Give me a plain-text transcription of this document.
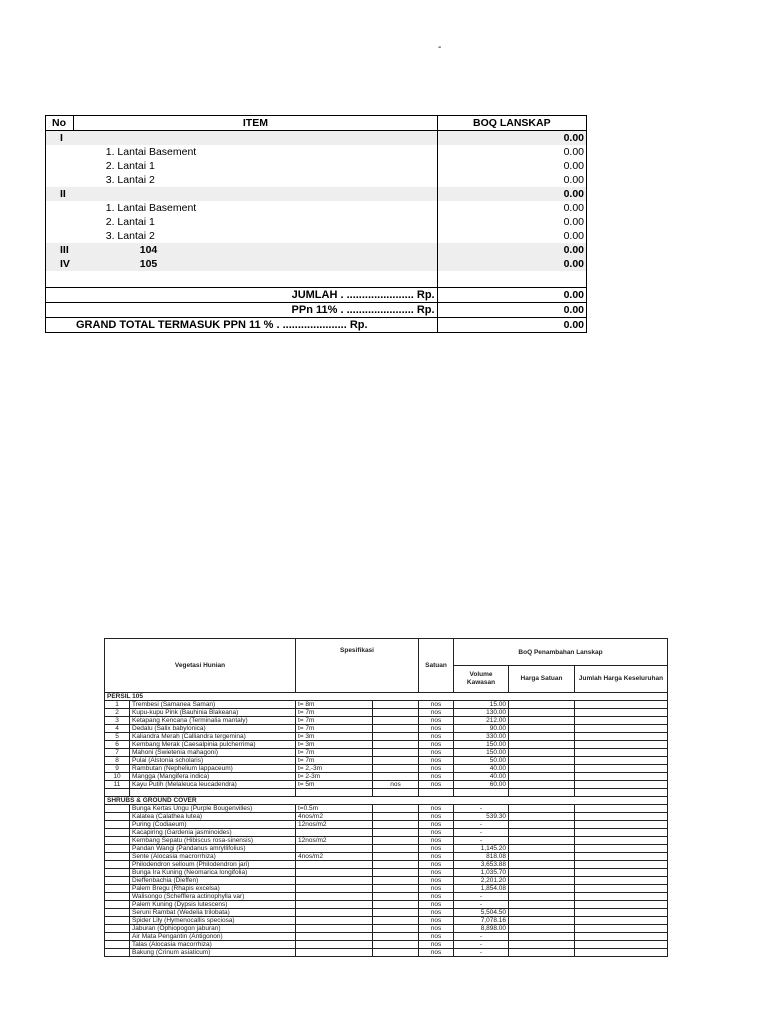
-
No	ITEM	BOQ LANSKAP
I		0.00
	1. Lantai Basement	0.00
	2. Lantai 1	0.00
	3. Lantai 2	0.00
II		0.00
	1. Lantai Basement	0.00
	2. Lantai 1	0.00
	3. Lantai 2	0.00
III	104	0.00
IV	105	0.00

JUMLAH . ...................... Rp.		0.00
PPn 11% . ...................... Rp.		0.00
GRAND TOTAL TERMASUK PPN 11 % . ..................... Rp.		0.00
Vegetasi Hunian		Spesifikasi		Satuan	BoQ Penambahan Lanskap		
					Volume Kawasan	Harga Satuan	Jumlah Harga Keseluruhan
PERSIL 105							
1	Trembesi (Samanea Saman)	t= 8m		nos	15.00		
2	Kupu-kupu Pink (Bauhinia Blakeana)	t= 7m		nos	130.00		
3	Ketapang Kencana (Terminalia mantaly)	t= 7m		nos	212.00		
4	Dedalu (Salix babylonica)	t= 7m		nos	90.00		
5	Kaliandra Merah (Calliandra tergemina)	t= 3m		nos	330.00		
6	Kembang Merak (Caesalpinia pulcherrima)	t= 3m		nos	150.00		
7	Mahoni (Swietenia mahagoni)	t= 7m		nos	150.00		
8	Pulai (Alstonia scholaris)	t= 7m		nos	50.00		
9	Rambutan (Nephelium lappaceum)	t= 2,-3m		nos	40.00		
10	Mangga (Mangifera indica)	t= 2-3m		nos	40.00		
11	Kayu Putih (Melaleuca leucadendra)	t= 5m	nos	nos	60.00		

SHRUBS & GROUND COVER							
	Bunga Kertas Ungu (Purple Bougenvilles)	t=0.5m		nos	-		
	Kalatea (Calathea lutea)	4nos/m2		nos	539.30		
	Puring (Codiaeum)	12nos/m2		nos	-		
	Kacapiring (Gardenia jasminoides)			nos	-		
	Kembang Sepatu (Hibiscus rosa-sinensis)	12nos/m2		nos	-		
	Pandan Wangi (Pandanus amryllifolius)			nos	1,145.20		
	Sente (Alocasia macrorrhiza)	4nos/m2		nos	818.08		
	Philodendron selloum (Philodendron jari)			nos	3,653.88		
	Bunga Ira Kuning (Neomarica longifolia)			nos	1,035.70		
	Dieffenbachia (Dieffen)			nos	2,201.20		
	Palem Bregu (Rhapis excelsa)			nos	1,854.08		
	Walisongo (Schefflera actinophylla var)			nos	-		
	Palem Kuning (Dypsis lutescens)			nos	-		
	Seruni Rambat (Wedelia trilobata)			nos	5,504.50		
	Spider Lily (Hymenocallis speciosa)			nos	7,078.16		
	Jaburan (Ophiopogon jaburan)			nos	8,898.00		
	Air Mata Pengantin (Antigonon)			nos	-		
	Talas (Alocasia macorrhiza)			nos	-		
	Bakung (Crinum asiaticum)			nos	-		
